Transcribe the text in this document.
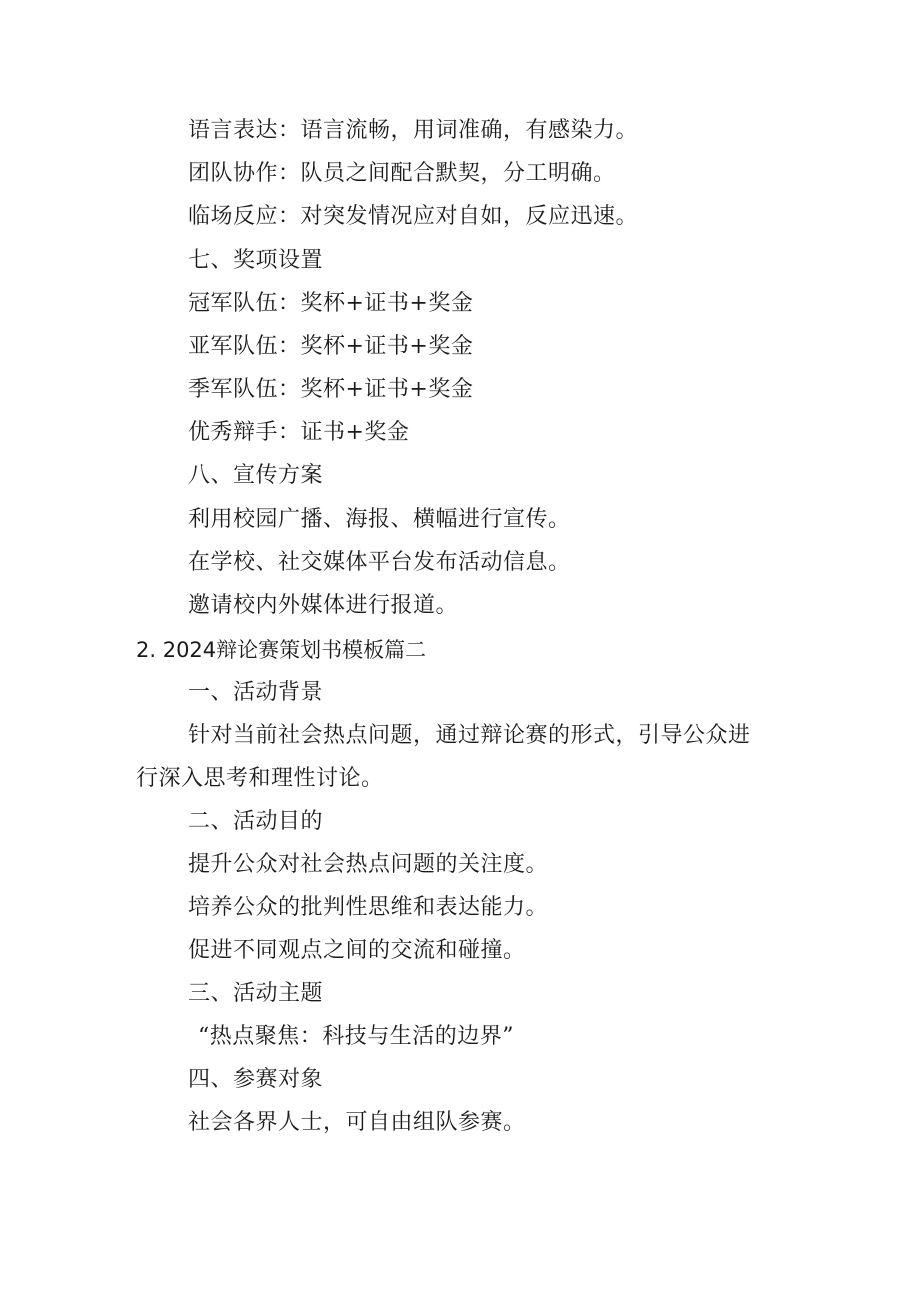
语言表达：语言流畅，用词准确，有感染力。
团队协作：队员之间配合默契，分工明确。
临场反应：对突发情况应对自如，反应迅速。
七、奖项设置
冠军队伍：奖杯+证书+奖金
亚军队伍：奖杯+证书+奖金
季军队伍：奖杯+证书+奖金
优秀辩手：证书+奖金
八、宣传方案
利用校园广播、海报、横幅进行宣传。
在学校、社交媒体平台发布活动信息。
邀请校内外媒体进行报道。
2. 2024辩论赛策划书模板篇二
一、活动背景
针对当前社会热点问题，通过辩论赛的形式，引导公众进
行深入思考和理性讨论。
二、活动目的
提升公众对社会热点问题的关注度。
培养公众的批判性思维和表达能力。
促进不同观点之间的交流和碰撞。
三、活动主题
“热点聚焦：科技与生活的边界”
四、参赛对象
社会各界人士，可自由组队参赛。
